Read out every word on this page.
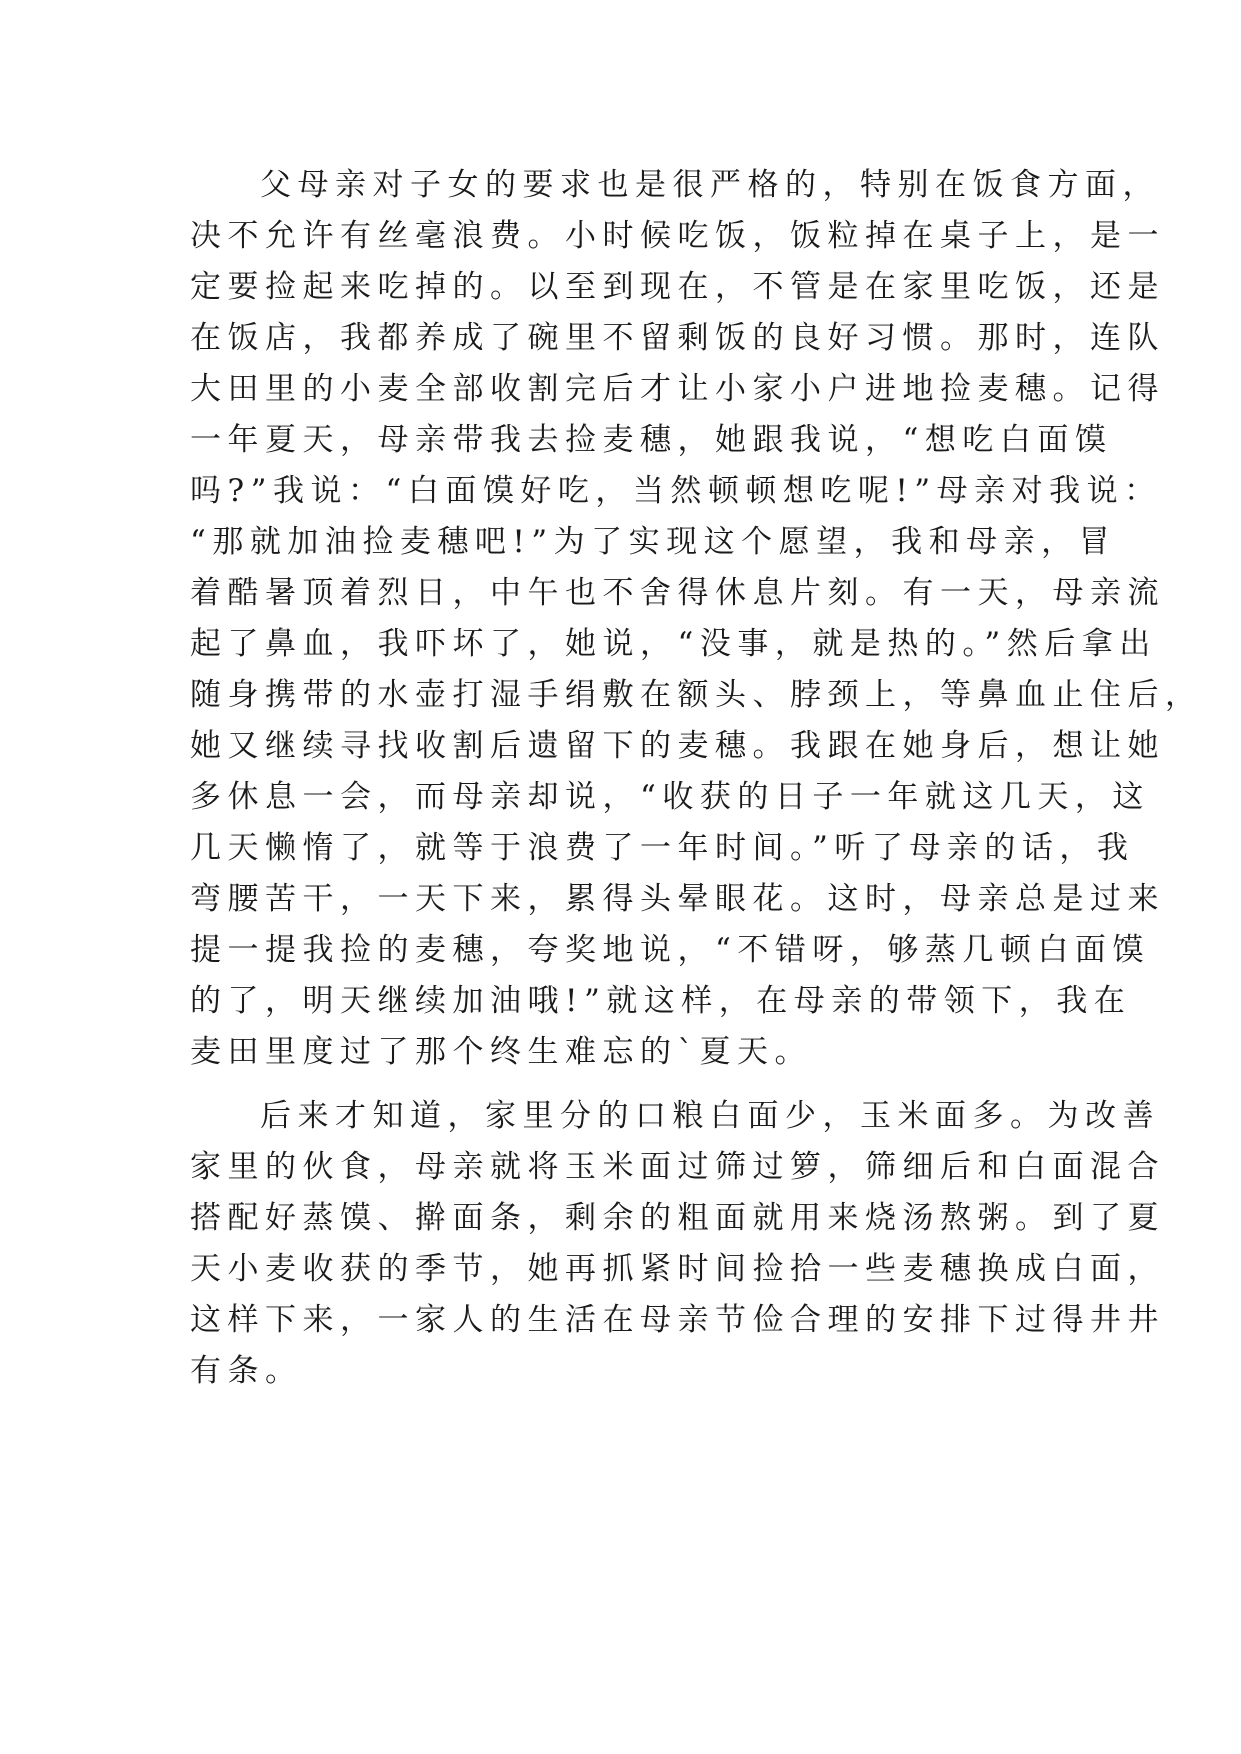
父母亲对子女的要求也是很严格的，特别在饭食方面，
决不允许有丝毫浪费。小时候吃饭，饭粒掉在桌子上，是一
定要捡起来吃掉的。以至到现在，不管是在家里吃饭，还是
在饭店，我都养成了碗里不留剩饭的良好习惯。那时，连队
大田里的小麦全部收割完后才让小家小户进地捡麦穗。记得
一年夏天，母亲带我去捡麦穗，她跟我说，“想吃白面馍
吗?”我说：“白面馍好吃，当然顿顿想吃呢!”母亲对我说：
“那就加油捡麦穗吧!”为了实现这个愿望，我和母亲，冒
着酷暑顶着烈日，中午也不舍得休息片刻。有一天，母亲流
起了鼻血，我吓坏了，她说，“没事，就是热的。”然后拿出
随身携带的水壶打湿手绢敷在额头、脖颈上，等鼻血止住后，
她又继续寻找收割后遗留下的麦穗。我跟在她身后，想让她
多休息一会，而母亲却说，“收获的日子一年就这几天，这
几天懒惰了，就等于浪费了一年时间。”听了母亲的话，我
弯腰苦干，一天下来，累得头晕眼花。这时，母亲总是过来
提一提我捡的麦穗，夸奖地说，“不错呀，够蒸几顿白面馍
的了，明天继续加油哦!”就这样，在母亲的带领下，我在
麦田里度过了那个终生难忘的`夏天。
后来才知道，家里分的口粮白面少，玉米面多。为改善
家里的伙食，母亲就将玉米面过筛过箩，筛细后和白面混合
搭配好蒸馍、擀面条，剩余的粗面就用来烧汤熬粥。到了夏
天小麦收获的季节，她再抓紧时间捡拾一些麦穗换成白面，
这样下来，一家人的生活在母亲节俭合理的安排下过得井井
有条。
